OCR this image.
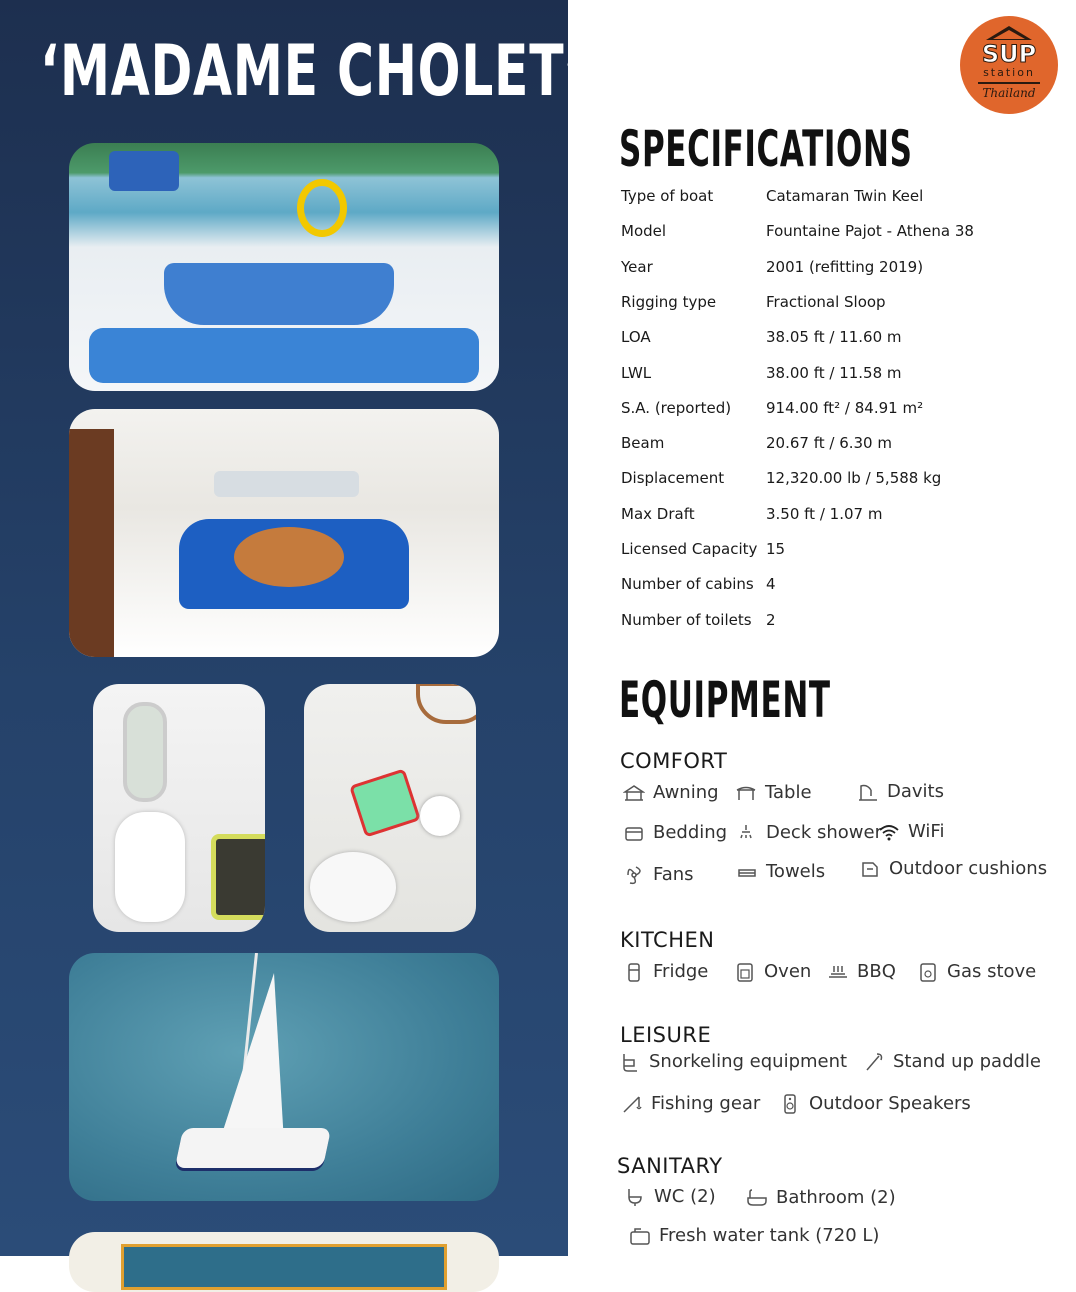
‘MADAME CHOLET’	SUP
station
Thailand
SPECIFICATIONS
Type of boat	Catamaran Twin Keel
Model	Fountaine Pajot - Athena 38
Year	2001 (refitting 2019)
Rigging type	Fractional Sloop
LOA	38.05 ft / 11.60 m
LWL	38.00 ft / 11.58 m
S.A. (reported) 914.00 ft² / 84.91 m²
Beam	20.67 ft / 6.30 m
Displacement	12,320.00 lb / 5,588 kg
Max Draft	3.50 ft / 1.07 m
Licensed Capacity 15
Number of cabins 4
Number of toilets 2
EQUIPMENT
COMFORT
KITCHEN
LEISURE
SANITARY
Awning	Table	Davits
Bedding Deck shower WiFi
Fans	Towels	Outdoor cushions
Fridge	Oven	BBQ	Gas stove
Snorkeling equipment	Stand up paddle
Fishing gear	Outdoor Speakers
WC (2)	Bathroom (2)
Fresh water tank (720 L)
